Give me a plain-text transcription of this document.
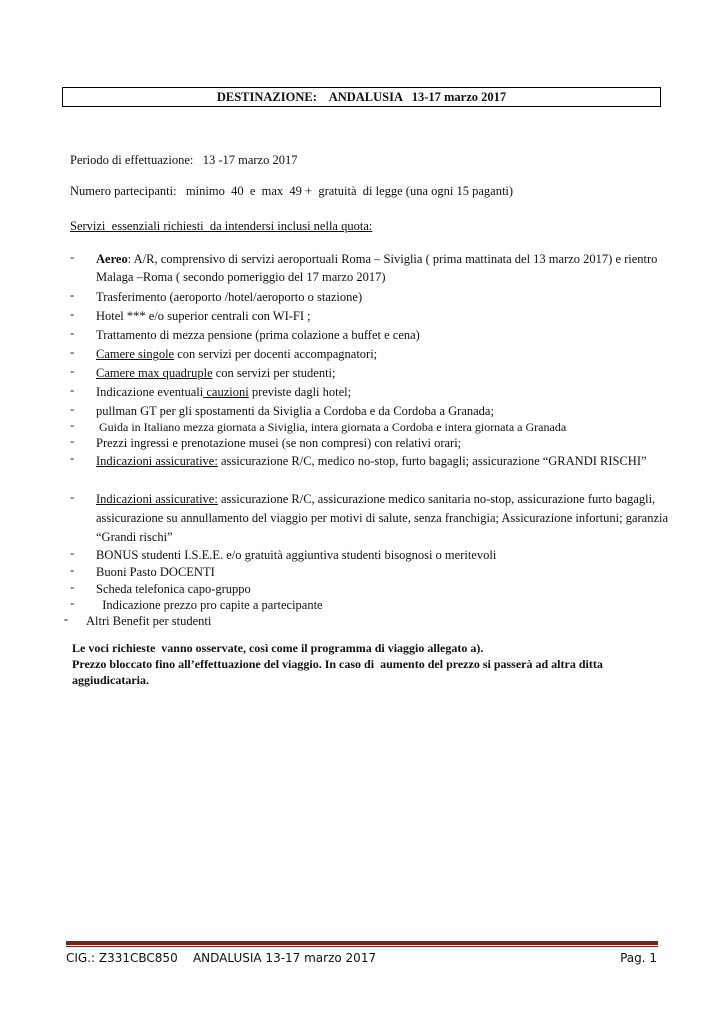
DESTINAZIONE:    ANDALUSIA   13-17 marzo 2017
Periodo di effettuazione:   13 -17 marzo 2017
Numero partecipanti:   minimo  40  e  max  49 +  gratuità  di legge (una ogni 15 paganti)
Servizi  essenziali richiesti  da intendersi inclusi nella quota:
- Aereo: A/R, comprensivo di servizi aeroportuali Roma – Siviglia ( prima mattinata del 13 marzo 2017) e rientro Malaga –Roma ( secondo pomeriggio del 17 marzo 2017)
- Trasferimento (aeroporto /hotel/aeroporto o stazione)
- Hotel *** e/o superior centrali con WI-FI ;
- Trattamento di mezza pensione (prima colazione a buffet e cena)
- Camere singole con servizi per docenti accompagnatori;
- Camere max quadruple con servizi per studenti;
- Indicazione eventuali cauzioni previste dagli hotel;
- pullman GT per gli spostamenti da Siviglia a Cordoba e da Cordoba a Granada;
- Guida in Italiano mezza giornata a Siviglia, intera giornata a Cordoba e intera giornata a Granada
- Prezzi ingressi e prenotazione musei (se non compresi) con relativi orari;
- Indicazioni assicurative: assicurazione R/C, medico no-stop, furto bagagli; assicurazione “GRANDI RISCHI”
- Indicazioni assicurative: assicurazione R/C, assicurazione medico sanitaria no-stop, assicurazione furto bagagli, assicurazione su annullamento del viaggio per motivi di salute, senza franchigia; Assicurazione infortuni; garanzia “Grandi rischi”
- BONUS studenti I.S.E.E. e/o gratuità aggiuntiva studenti bisognosi o meritevoli
- Buoni Pasto DOCENTI
- Scheda telefonica capo-gruppo
- Indicazione prezzo pro capite a partecipante
- Altri Benefit per studenti
Le voci richieste  vanno osservate, così come il programma di viaggio allegato a).
Prezzo bloccato fino all’effettuazione del viaggio. In caso di  aumento del prezzo si passerà ad altra ditta
aggiudicataria.
CIG.: Z331CBC850    ANDALUSIA 13-17 marzo 2017	Pag. 1
